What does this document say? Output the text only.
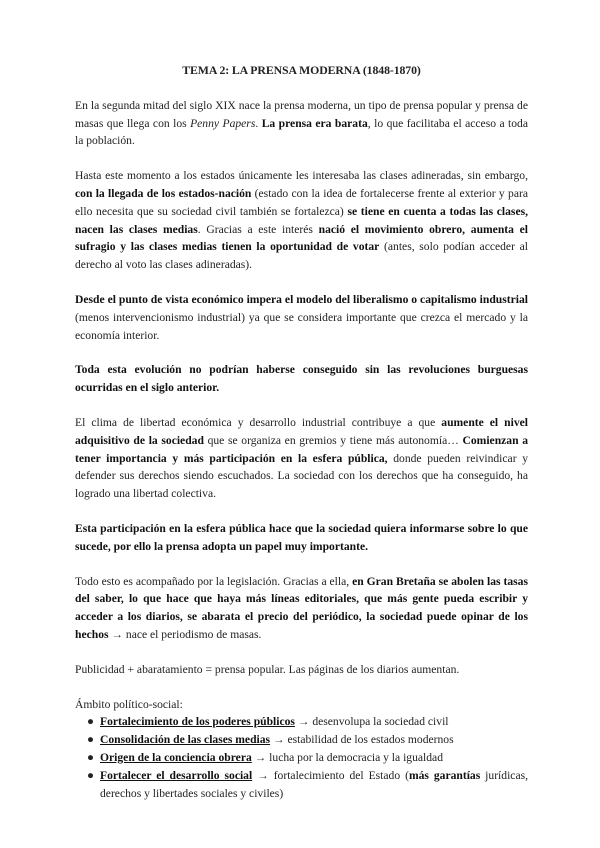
TEMA 2: LA PRENSA MODERNA (1848-1870)

En la segunda mitad del siglo XIX nace la prensa moderna, un tipo de prensa popular y prensa de masas que llega con los Penny Papers. La prensa era barata, lo que facilitaba el acceso a toda la población.

Hasta este momento a los estados únicamente les interesaba las clases adineradas, sin embargo, con la llegada de los estados-nación (estado con la idea de fortalecerse frente al exterior y para ello necesita que su sociedad civil también se fortalezca) se tiene en cuenta a todas las clases, nacen las clases medias. Gracias a este interés nació el movimiento obrero, aumenta el sufragio y las clases medias tienen la oportunidad de votar (antes, solo podían acceder al derecho al voto las clases adineradas).

Desde el punto de vista económico impera el modelo del liberalismo o capitalismo industrial (menos intervencionismo industrial) ya que se considera importante que crezca el mercado y la economía interior.

Toda esta evolución no podrían haberse conseguido sin las revoluciones burguesas ocurridas en el siglo anterior.

El clima de libertad económica y desarrollo industrial contribuye a que aumente el nivel adquisitivo de la sociedad que se organiza en gremios y tiene más autonomía… Comienzan a tener importancia y más participación en la esfera pública, donde pueden reivindicar y defender sus derechos siendo escuchados. La sociedad con los derechos que ha conseguido, ha logrado una libertad colectiva.

Esta participación en la esfera pública hace que la sociedad quiera informarse sobre lo que sucede, por ello la prensa adopta un papel muy importante.

Todo esto es acompañado por la legislación. Gracias a ella, en Gran Bretaña se abolen las tasas del saber, lo que hace que haya más líneas editoriales, que más gente pueda escribir y acceder a los diarios, se abarata el precio del periódico, la sociedad puede opinar de los hechos → nace el periodismo de masas.

Publicidad + abaratamiento = prensa popular. Las páginas de los diarios aumentan.

Ámbito político-social:
● Fortalecimiento de los poderes públicos → desenvolupa la sociedad civil
● Consolidación de las clases medias → estabilidad de los estados modernos
● Origen de la conciencia obrera → lucha por la democracia y la igualdad
● Fortalecer el desarrollo social → fortalecimiento del Estado (más garantías jurídicas, derechos y libertades sociales y civiles)
